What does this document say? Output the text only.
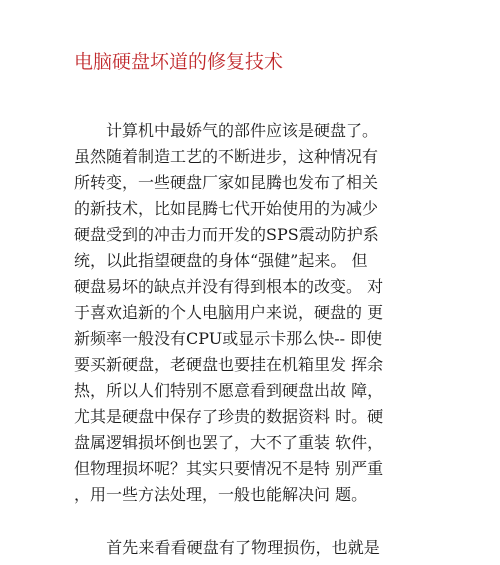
电脑硬盘坏道的修复技术
　　计算机中最娇气的部件应该是硬盘了。
虽然随着制造工艺的不断进步，这种情况有
所转变，一些硬盘厂家如昆腾也发布了相关
的新技术，比如昆腾七代开始使用的为减少
硬盘受到的冲击力而开发的SPS震动防护系
统，以此指望硬盘的身体“强健”起来。 但
硬盘易坏的缺点并没有得到根本的改变。 对
于喜欢追新的个人电脑用户来说，硬盘的 更
新频率一般没有CPU或显示卡那么快-- 即使
要买新硬盘，老硬盘也要挂在机箱里发 挥余
热，所以人们特别不愿意看到硬盘出故 障，
尤其是硬盘中保存了珍贵的数据资料 时。硬
盘属逻辑损坏倒也罢了，大不了重装 软件，
但物理损坏呢？其实只要情况不是特 别严重
，用一些方法处理，一般也能解决问 题。
　　首先来看看硬盘有了物理损伤，也就是
